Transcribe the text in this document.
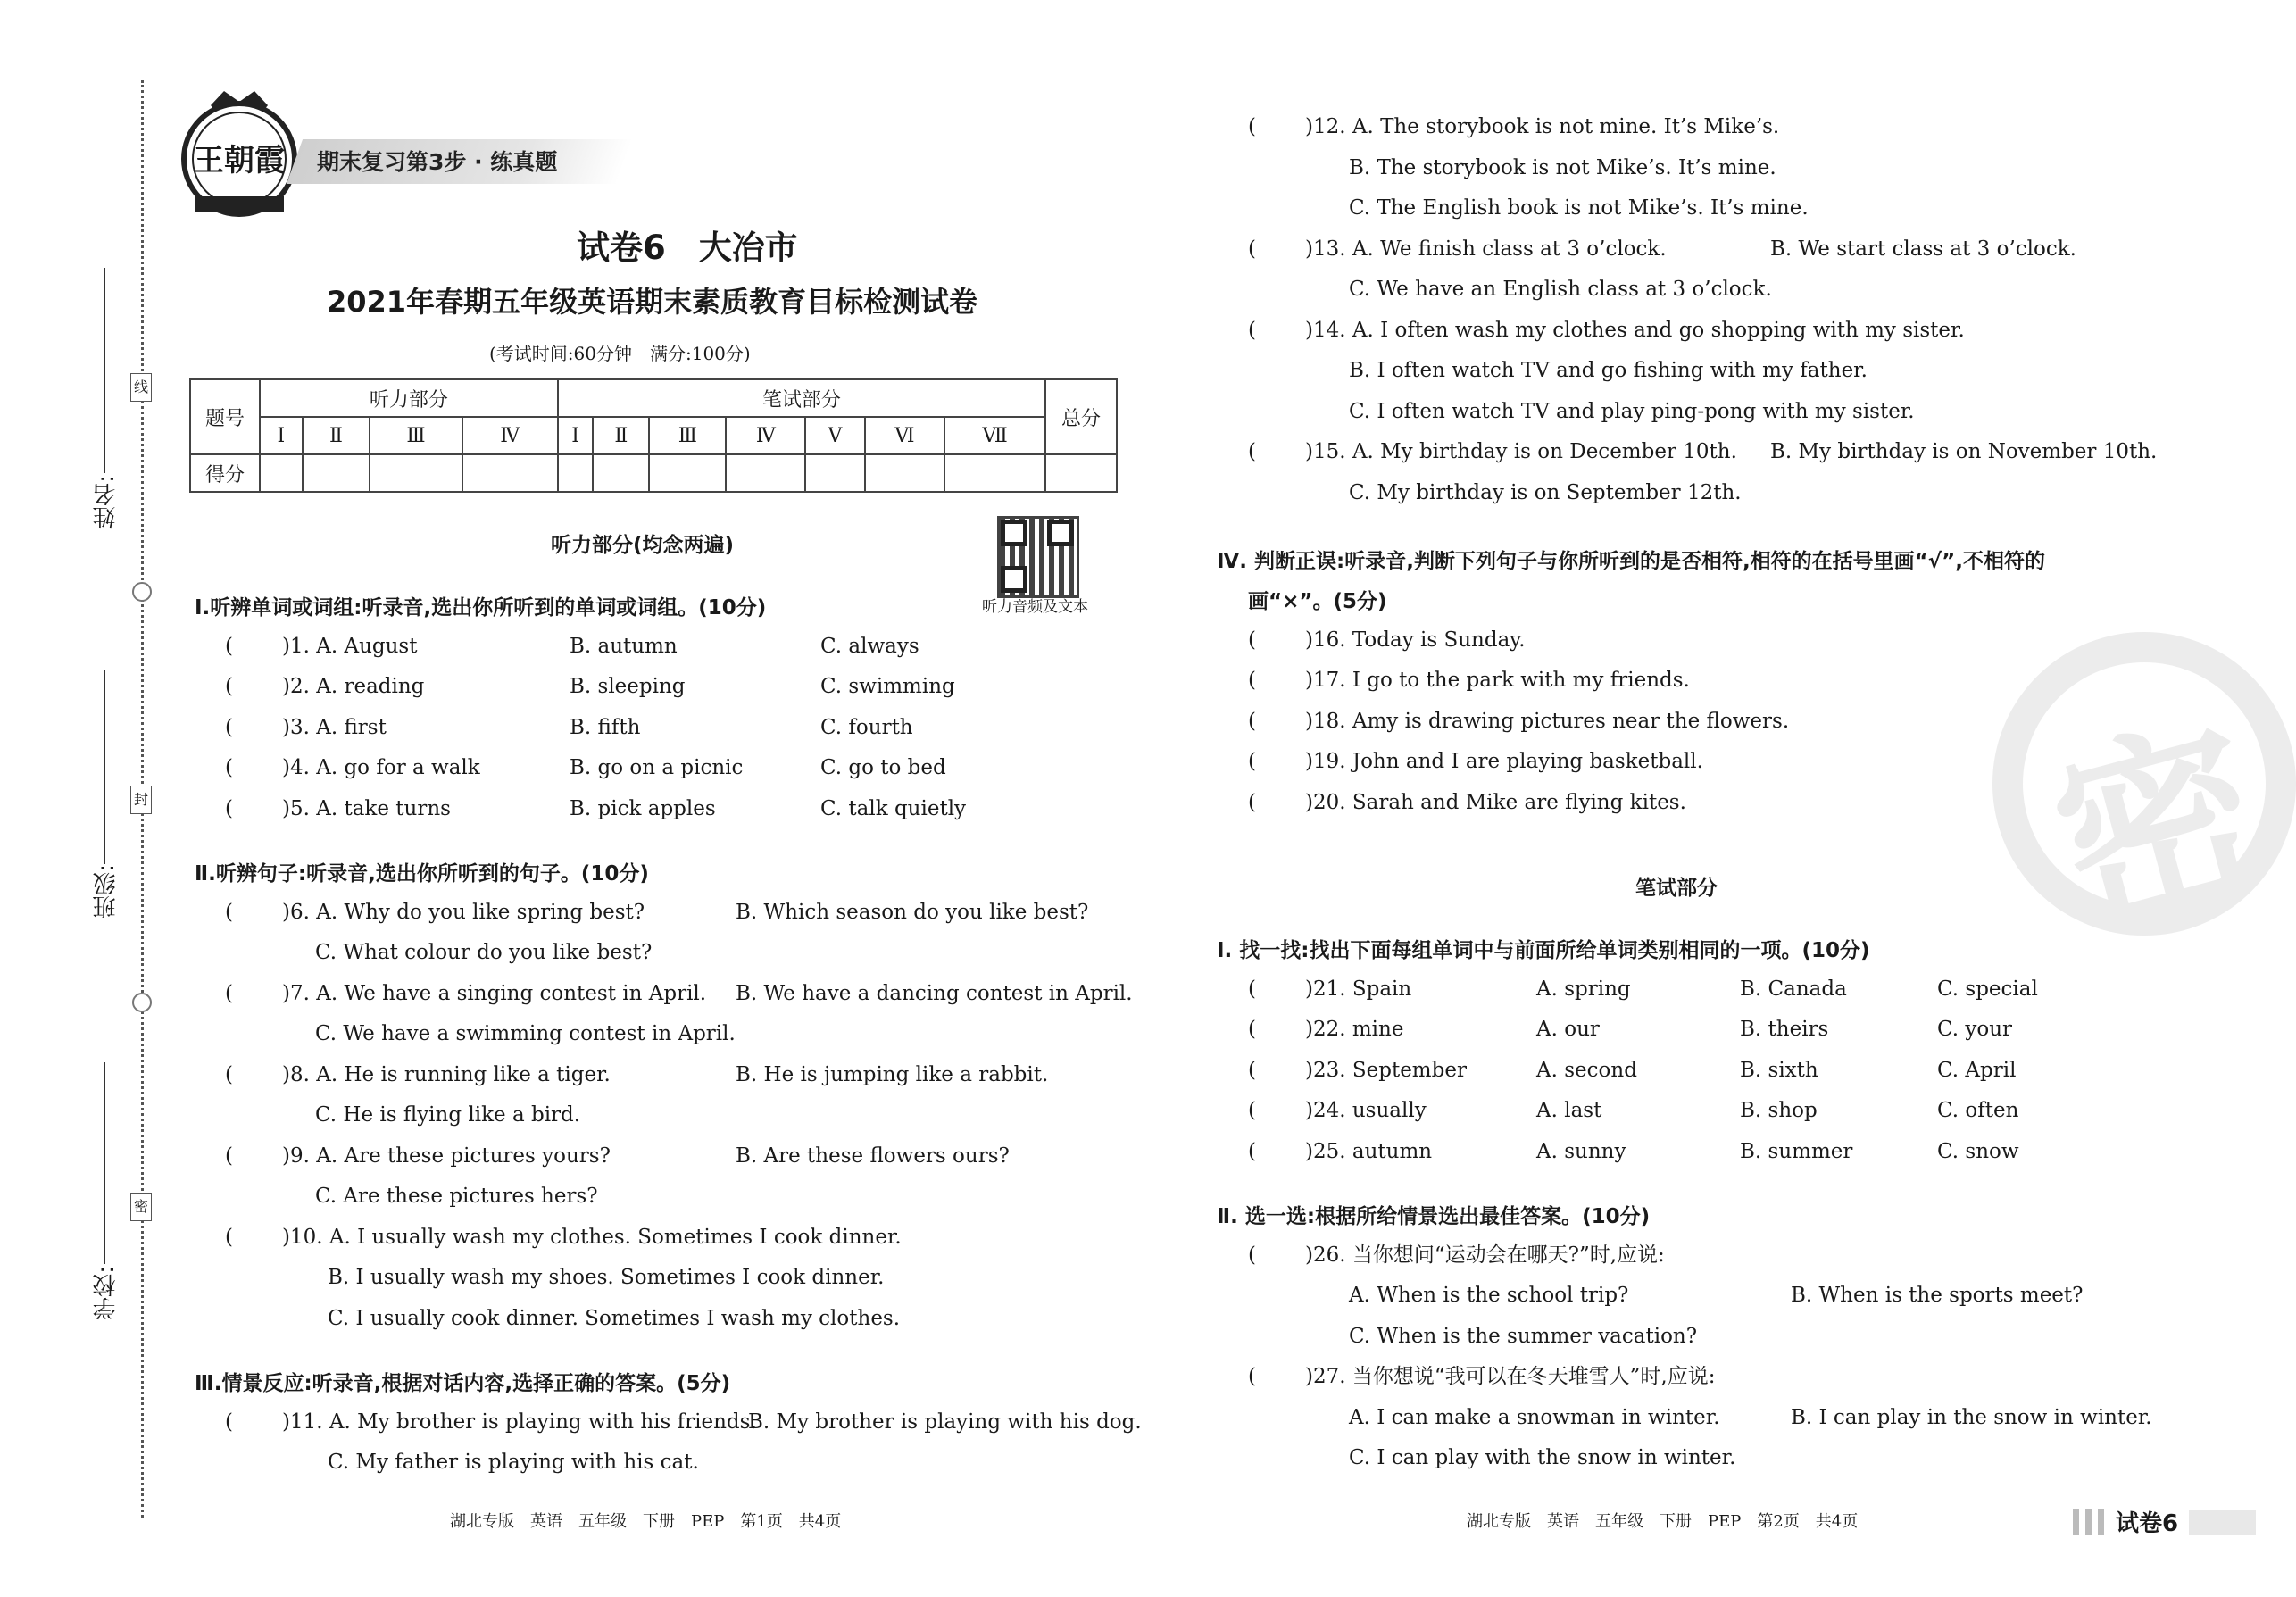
线
封
密
姓名:
班级:
学校:
王朝霞 期末复习第3步 · 练真题
试卷6　大冶市
2021年春期五年级英语期末素质教育目标检测试卷
(考试时间:60分钟　满分:100分)
题号	听力部分				笔试部分							总分
	Ⅰ	Ⅱ	Ⅲ	Ⅳ	Ⅰ	Ⅱ	Ⅲ	Ⅳ	Ⅴ	Ⅵ	Ⅶ	
得分												
听力部分(均念两遍)
听力音频及文本
Ⅰ.听辨单词或词组:听录音,选出你所听到的单词或词组。(10分)
( )1. A. August	B. autumn	C. always
( )2. A. reading	B. sleeping	C. swimming
( )3. A. first	B. fifth	C. fourth
( )4. A. go for a walk	B. go on a picnic	C. go to bed
( )5. A. take turns	B. pick apples	C. talk quietly
Ⅱ.听辨句子:听录音,选出你所听到的句子。(10分)
( )6. A. Why do you like spring best?	B. Which season do you like best?
C. What colour do you like best?
( )7. A. We have a singing contest in April. B. We have a dancing contest in April.
C. We have a swimming contest in April.
( )8. A. He is running like a tiger.	B. He is jumping like a rabbit.
C. He is flying like a bird.
( )9. A. Are these pictures yours?	B. Are these flowers ours?
C. Are these pictures hers?
( )10. A. I usually wash my clothes. Sometimes I cook dinner.
B. I usually wash my shoes. Sometimes I cook dinner.
C. I usually cook dinner. Sometimes I wash my clothes.
Ⅲ.情景反应:听录音,根据对话内容,选择正确的答案。(5分)
( )11. A. My brother is playing with his friends.
B. My brother is playing with his dog.
C. My father is playing with his cat.
( )12. A. The storybook is not mine. It’s Mike’s.
B. The storybook is not Mike’s. It’s mine.
C. The English book is not Mike’s. It’s mine.
( )13. A. We finish class at 3 o’clock.	B. We start class at 3 o’clock.
C. We have an English class at 3 o’clock.
( )14. A. I often wash my clothes and go shopping with my sister.
B. I often watch TV and go fishing with my father.
C. I often watch TV and play ping-pong with my sister.
( )15. A. My birthday is on December 10th. B. My birthday is on November 10th.
C. My birthday is on September 12th.
Ⅳ. 判断正误:听录音,判断下列句子与你所听到的是否相符,相符的在括号里画“√”,不相符的
画“×”。(5分)
( )16. Today is Sunday.
( )17. I go to the park with my friends.
( )18. Amy is drawing pictures near the flowers.
( )19. John and I are playing basketball.
( )20. Sarah and Mike are flying kites. 密
笔试部分
Ⅰ. 找一找:找出下面每组单词中与前面所给单词类别相同的一项。(10分)
( )21. Spain	A. spring	B. Canada	C. special
( )22. mine	A. our	B. theirs	C. your
( )23. September	A. second	B. sixth	C. April
( )24. usually	A. last	B. shop	C. often
( )25. autumn	A. sunny	B. summer	C. snow
Ⅱ. 选一选:根据所给情景选出最佳答案。(10分)
( )26. 当你想问“运动会在哪天?”时,应说:
A. When is the school trip?	B. When is the sports meet?
C. When is the summer vacation?
( )27. 当你想说“我可以在冬天堆雪人”时,应说:
A. I can make a snowman in winter.	B. I can play in the snow in winter.
C. I can play with the snow in winter.
湖北专版　英语　五年级　下册　PEP　第1页　共4页	湖北专版　英语　五年级　下册　PEP　第2页　共4页	试卷6
